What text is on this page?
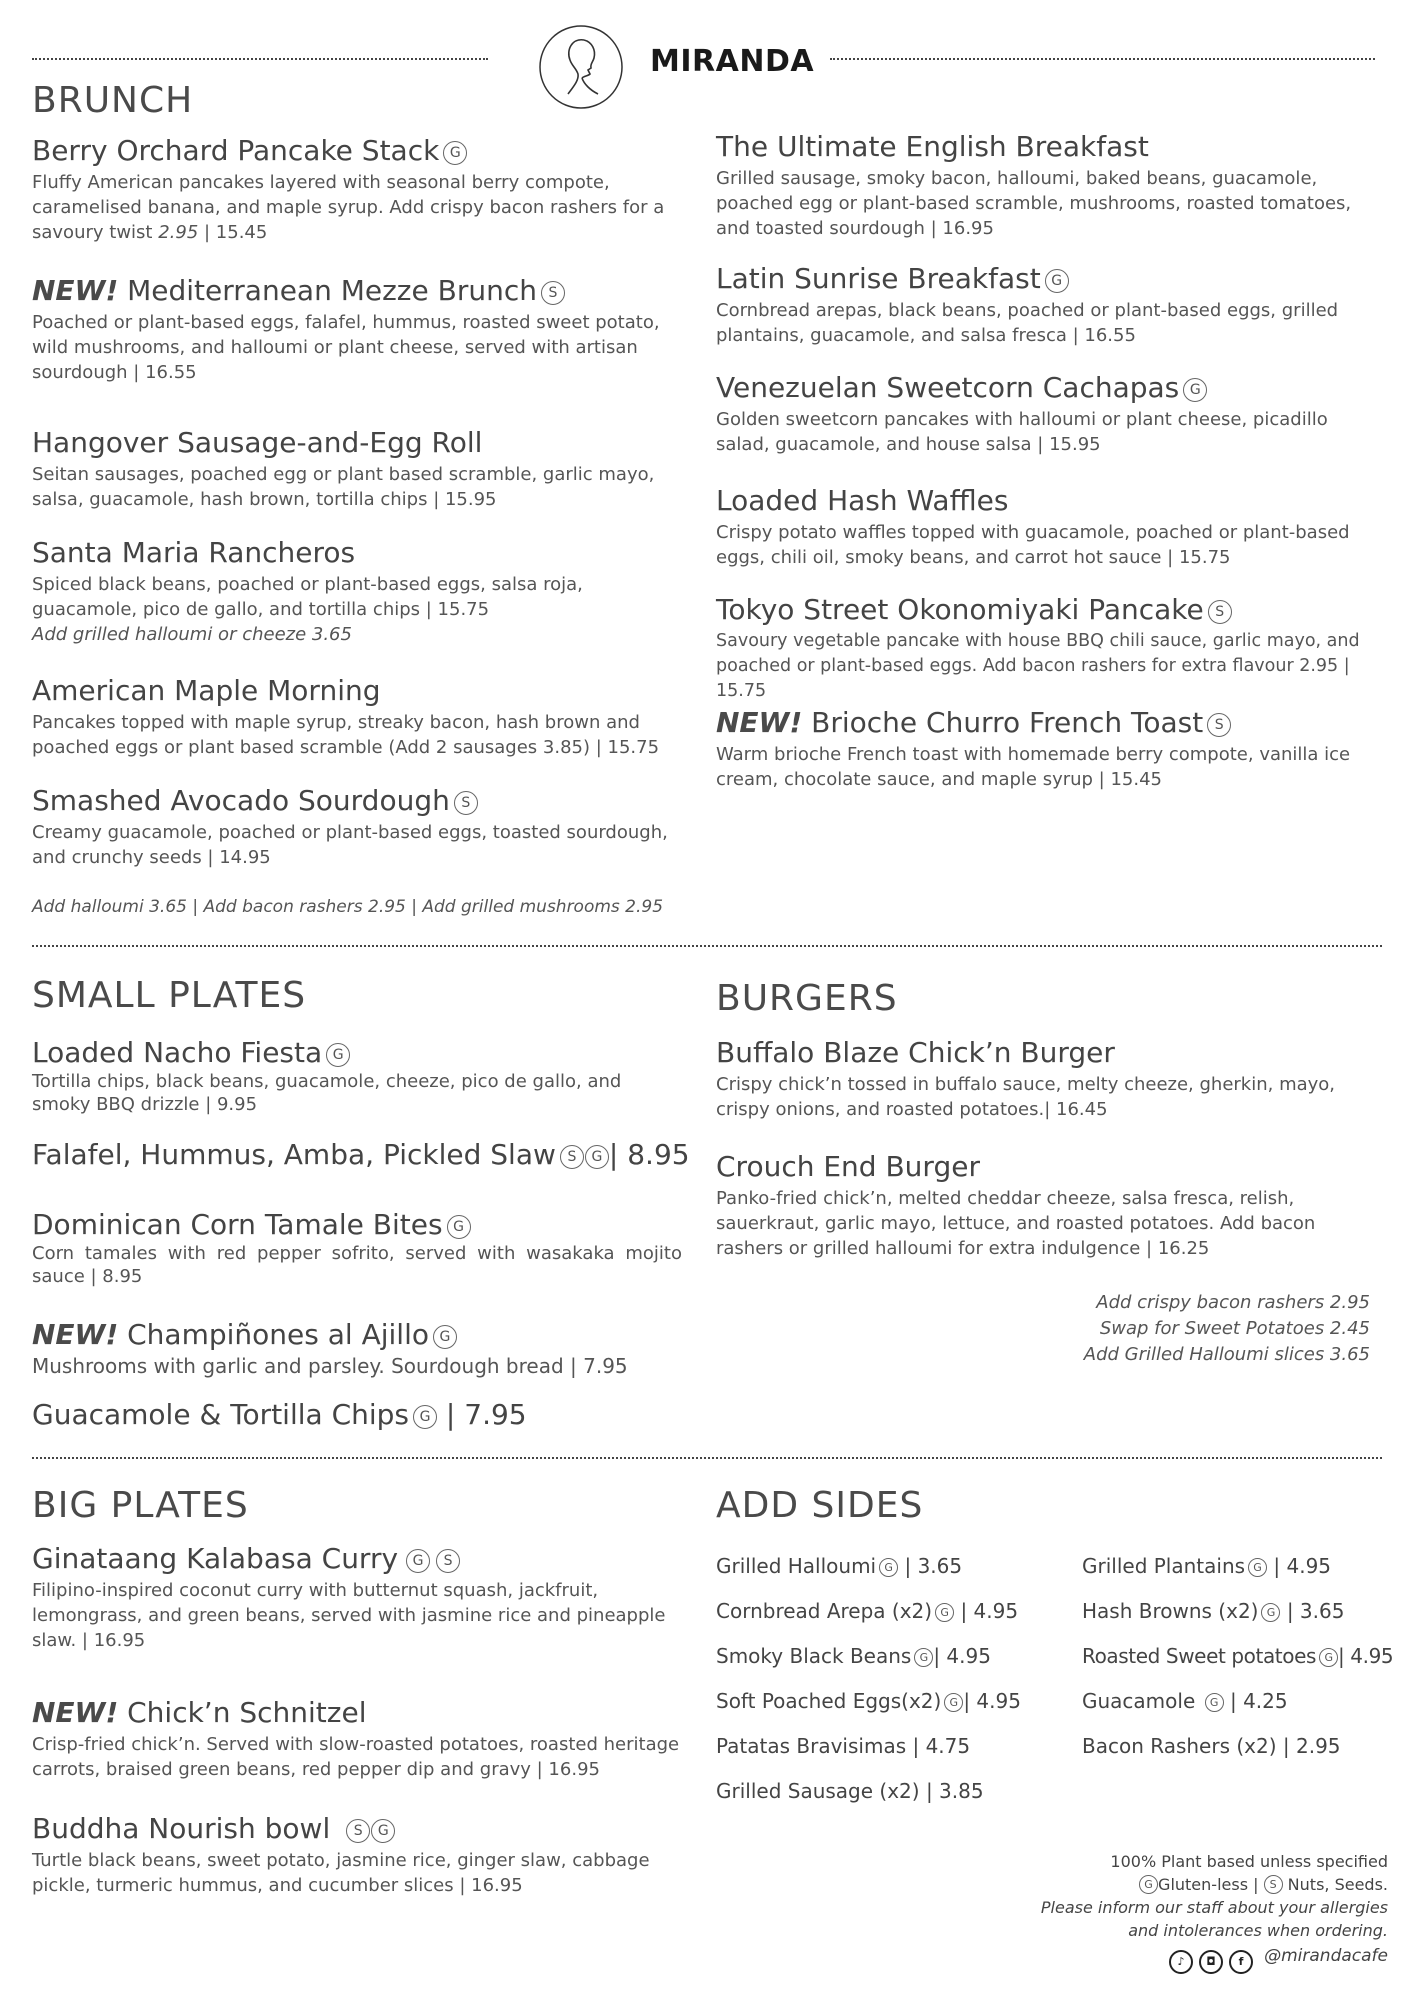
MIRANDA
BRUNCH
Berry Orchard Pancake Stack G
Fluffy American pancakes layered with seasonal berry compote, caramelised banana, and maple syrup. Add crispy bacon rashers for a savoury twist 2.95 | 15.45
NEW! Mediterranean Mezze Brunch S
Poached or plant-based eggs, falafel, hummus, roasted sweet potato, wild mushrooms, and halloumi or plant cheese, served with artisan sourdough | 16.55
Hangover Sausage-and-Egg Roll
Seitan sausages, poached egg or plant based scramble, garlic mayo, salsa, guacamole, hash brown, tortilla chips | 15.95
Santa Maria Rancheros
Spiced black beans, poached or plant-based eggs, salsa roja, guacamole, pico de gallo, and tortilla chips | 15.75
Add grilled halloumi or cheeze 3.65
American Maple Morning
Pancakes topped with maple syrup, streaky bacon, hash brown and poached eggs or plant based scramble (Add 2 sausages 3.85) | 15.75
Smashed Avocado Sourdough S
Creamy guacamole, poached or plant-based eggs, toasted sourdough, and crunchy seeds | 14.95
Add halloumi 3.65 | Add bacon rashers 2.95 | Add grilled mushrooms 2.95
The Ultimate English Breakfast
Grilled sausage, smoky bacon, halloumi, baked beans, guacamole, poached egg or plant-based scramble, mushrooms, roasted tomatoes, and toasted sourdough | 16.95
Latin Sunrise Breakfast G
Cornbread arepas, black beans, poached or plant-based eggs, grilled plantains, guacamole, and salsa fresca | 16.55
Venezuelan Sweetcorn Cachapas G
Golden sweetcorn pancakes with halloumi or plant cheese, picadillo salad, guacamole, and house salsa | 15.95
Loaded Hash Waffles
Crispy potato waffles topped with guacamole, poached or plant-based eggs, chili oil, smoky beans, and carrot hot sauce | 15.75
Tokyo Street Okonomiyaki Pancake S
Savoury vegetable pancake with house BBQ chili sauce, garlic mayo, and poached or plant-based eggs. Add bacon rashers for extra flavour 2.95 | 15.75
NEW! Brioche Churro French Toast S
Warm brioche French toast with homemade berry compote, vanilla ice cream, chocolate sauce, and maple syrup | 15.45
SMALL PLATES
Loaded Nacho Fiesta G
Tortilla chips, black beans, guacamole, cheeze, pico de gallo, and smoky BBQ drizzle | 9.95
Falafel, Hummus, Amba, Pickled Slaw S G | 8.95
Dominican Corn Tamale Bites G
Corn tamales with red pepper sofrito, served with wasakaka mojito sauce | 8.95
NEW! Champiñones al Ajillo G
Mushrooms with garlic and parsley. Sourdough bread | 7.95
Guacamole & Tortilla Chips G | 7.95
BURGERS
Buffalo Blaze Chick’n Burger
Crispy chick’n tossed in buffalo sauce, melty cheeze, gherkin, mayo, crispy onions, and roasted potatoes.| 16.45
Crouch End Burger
Panko-fried chick’n, melted cheddar cheeze, salsa fresca, relish, sauerkraut, garlic mayo, lettuce, and roasted potatoes. Add bacon rashers or grilled halloumi for extra indulgence | 16.25
Add crispy bacon rashers 2.95
Swap for Sweet Potatoes 2.45
Add Grilled Halloumi slices 3.65
BIG PLATES
Ginataang Kalabasa Curry G S
Filipino-inspired coconut curry with butternut squash, jackfruit, lemongrass, and green beans, served with jasmine rice and pineapple slaw. | 16.95
NEW! Chick’n Schnitzel
Crisp-fried chick’n. Served with slow-roasted potatoes, roasted heritage carrots, braised green beans, red pepper dip and gravy | 16.95
Buddha Nourish bowl S G
Turtle black beans, sweet potato, jasmine rice, ginger slaw, cabbage pickle, turmeric hummus, and cucumber slices | 16.95
ADD SIDES
Grilled Halloumi G | 3.65
Cornbread Arepa (x2) G | 4.95
Smoky Black Beans G | 4.95
Soft Poached Eggs(x2) G | 4.95
Patatas Bravisimas | 4.75
Grilled Sausage (x2) | 3.85
Grilled Plantains G | 4.95
Hash Browns (x2) G | 3.65
Roasted Sweet potatoes G | 4.95
Guacamole G | 4.25
Bacon Rashers (x2) | 2.95
100% Plant based unless specified
G Gluten-less | S Nuts, Seeds.
Please inform our staff about your allergies
and intolerances when ordering.
♪ ◘ f @mirandacafe
